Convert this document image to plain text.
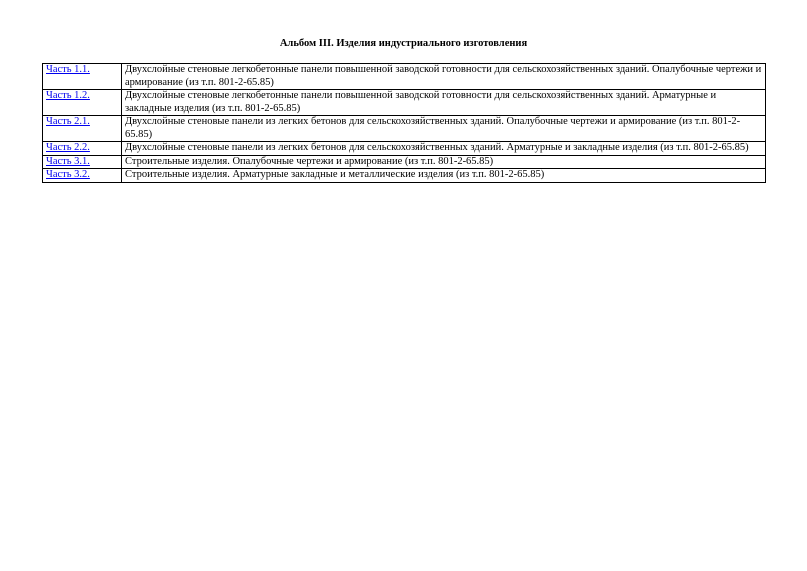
Альбом III. Изделия индустриального изготовления
Часть 1.1.	Двухслойные стеновые легкобетонные панели повышенной заводской готовности для сельскохозяйственных зданий. Опалубочные чертежи и армирование (из т.п. 801-2-65.85)
Часть 1.2.	Двухслойные стеновые легкобетонные панели повышенной заводской готовности для сельскохозяйственных зданий. Арматурные и закладные изделия (из т.п. 801-2-65.85)
Часть 2.1.	Двухслойные стеновые панели из легких бетонов для сельскохозяйственных зданий. Опалубочные чертежи и армирование (из т.п. 801-2-65.85)
Часть 2.2.	Двухслойные стеновые панели из легких бетонов для сельскохозяйственных зданий. Арматурные и закладные изделия (из т.п. 801-2-65.85)
Часть 3.1.	Строительные изделия. Опалубочные чертежи и армирование (из т.п. 801-2-65.85)
Часть 3.2.	Строительные изделия. Арматурные закладные и металлические изделия (из т.п. 801-2-65.85)
